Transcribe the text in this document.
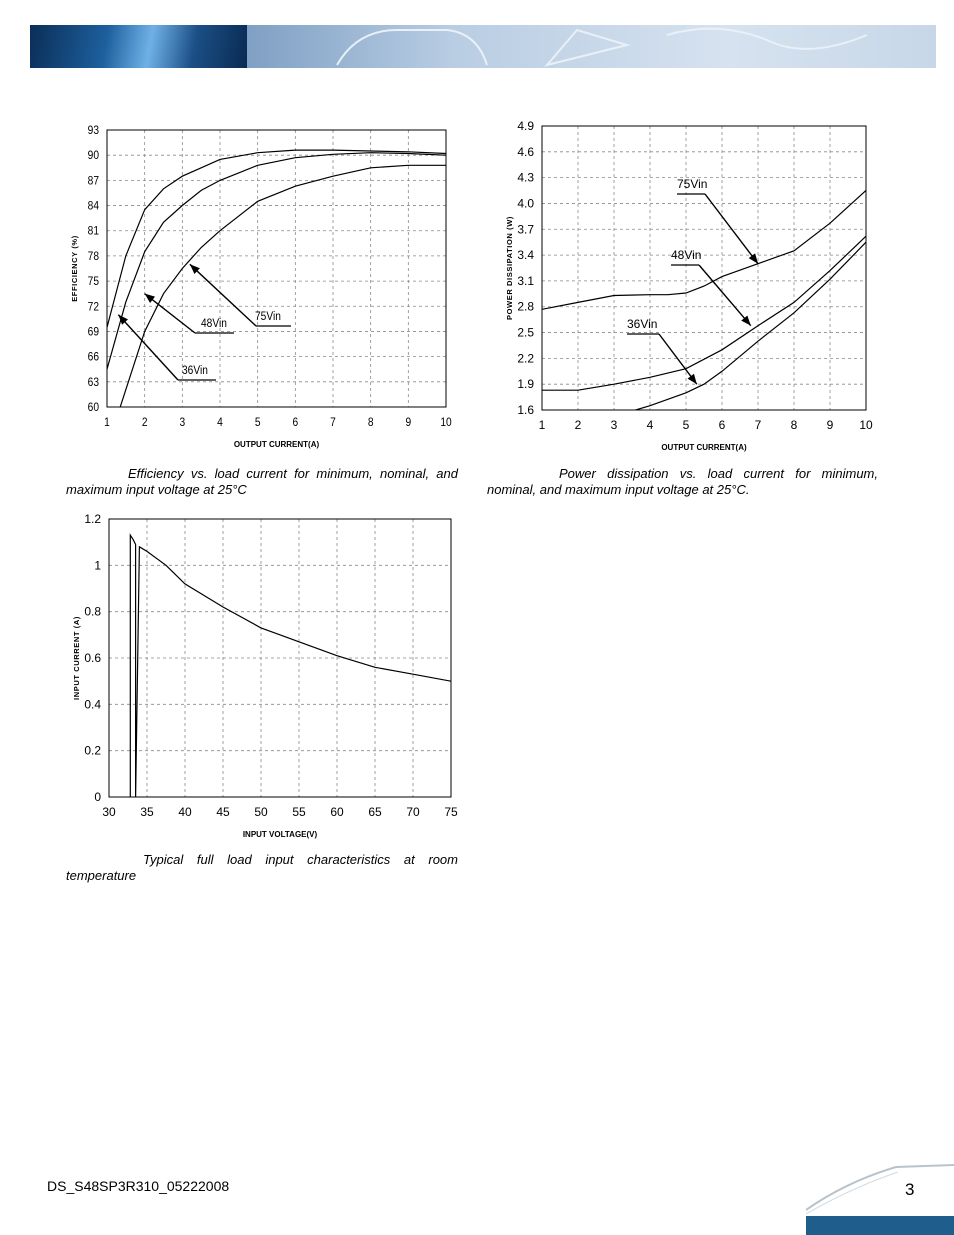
1	2	3	4	5	6	7	8	9 10
60
63
66
69
72
75
78
81
84
87
90
93
OUTPUT CURRENT(A)
EFFICIENCY (%)
36Vin
48Vin
75Vin
Efficiency vs. load current for minimum, nominal, and maximum input voltage at 25°C
1 2 3 4 5 6 7 8 9 10
1.6
1.9
2.2
2.5
2.8
3.1
3.4
3.7
4.0
4.3
4.6
4.9
OUTPUT CURRENT(A)
POWER DISSIPATION (W)
75Vin
48Vin
36Vin
Power dissipation vs. load current for minimum, nominal, and maximum input voltage at 25°C.
30 35 40 45 50 55 60 65 70 75
0
0.2
0.4
0.6
0.8
1
1.2
INPUT VOLTAGE(V)
INPUT CURRENT (A)
Typical full load input characteristics at room temperature
DS_S48SP3R310_05222008	3
